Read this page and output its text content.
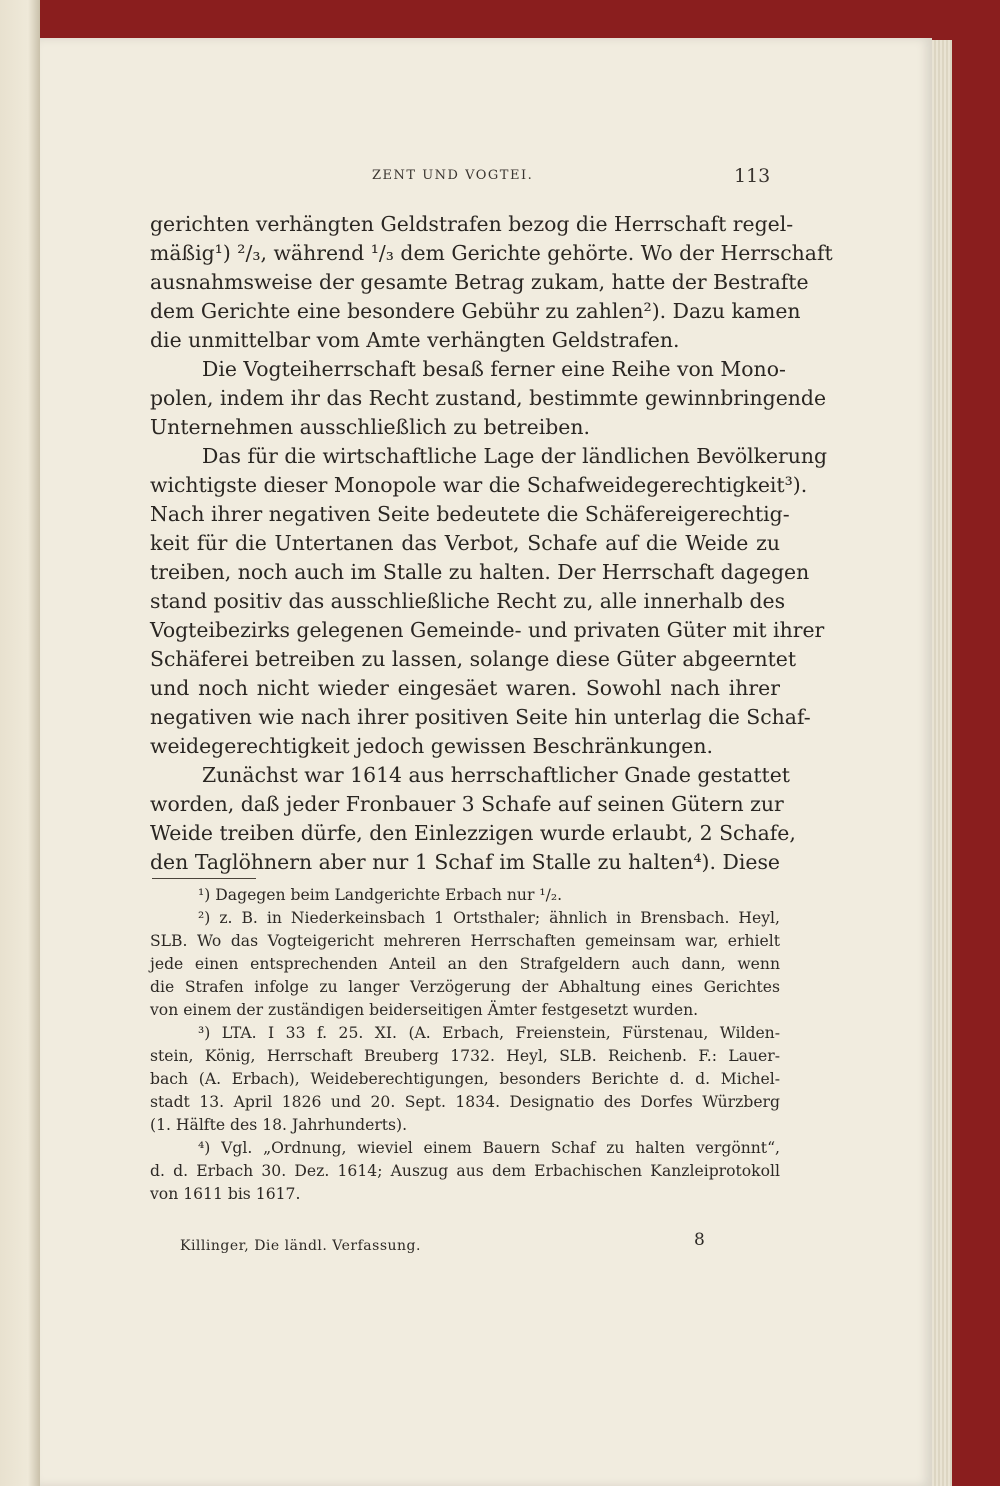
ZENT UND VOGTEI.	113
gerichten verhängten Geldstrafen bezog die Herrschaft regel-
mäßig¹) ²/₃, während ¹/₃ dem Gerichte gehörte. Wo der Herrschaft
ausnahmsweise der gesamte Betrag zukam, hatte der Bestrafte
dem Gerichte eine besondere Gebühr zu zahlen²). Dazu kamen
die unmittelbar vom Amte verhängten Geldstrafen.
Die Vogteiherrschaft besaß ferner eine Reihe von Mono-
polen, indem ihr das Recht zustand, bestimmte gewinnbringende
Unternehmen ausschließlich zu betreiben.
Das für die wirtschaftliche Lage der ländlichen Bevölkerung
wichtigste dieser Monopole war die Schafweidegerechtigkeit³).
Nach ihrer negativen Seite bedeutete die Schäfereigerechtig-
keit für die Untertanen das Verbot, Schafe auf die Weide zu
treiben, noch auch im Stalle zu halten. Der Herrschaft dagegen
stand positiv das ausschließliche Recht zu, alle innerhalb des
Vogteibezirks gelegenen Gemeinde- und privaten Güter mit ihrer
Schäferei betreiben zu lassen, solange diese Güter abgeerntet
und noch nicht wieder eingesäet waren. Sowohl nach ihrer
negativen wie nach ihrer positiven Seite hin unterlag die Schaf-
weidegerechtigkeit jedoch gewissen Beschränkungen.
Zunächst war 1614 aus herrschaftlicher Gnade gestattet
worden, daß jeder Fronbauer 3 Schafe auf seinen Gütern zur
Weide treiben dürfe, den Einlezzigen wurde erlaubt, 2 Schafe,
den Taglöhnern aber nur 1 Schaf im Stalle zu halten⁴). Diese
¹) Dagegen beim Landgerichte Erbach nur ¹/₂.
²) z. B. in Niederkeinsbach 1 Ortsthaler; ähnlich in Brensbach. Heyl,
SLB. Wo das Vogteigericht mehreren Herrschaften gemeinsam war, erhielt
jede einen entsprechenden Anteil an den Strafgeldern auch dann, wenn
die Strafen infolge zu langer Verzögerung der Abhaltung eines Gerichtes
von einem der zuständigen beiderseitigen Ämter festgesetzt wurden.
³) LTA. I 33 f. 25. XI. (A. Erbach, Freienstein, Fürstenau, Wilden-
stein, König, Herrschaft Breuberg 1732. Heyl, SLB. Reichenb. F.: Lauer-
bach (A. Erbach), Weideberechtigungen, besonders Berichte d. d. Michel-
stadt 13. April 1826 und 20. Sept. 1834. Designatio des Dorfes Würzberg
(1. Hälfte des 18. Jahrhunderts).
⁴) Vgl. „Ordnung, wieviel einem Bauern Schaf zu halten vergönnt“,
d. d. Erbach 30. Dez. 1614; Auszug aus dem Erbachischen Kanzleiprotokoll
von 1611 bis 1617.
Killinger, Die ländl. Verfassung.	8
